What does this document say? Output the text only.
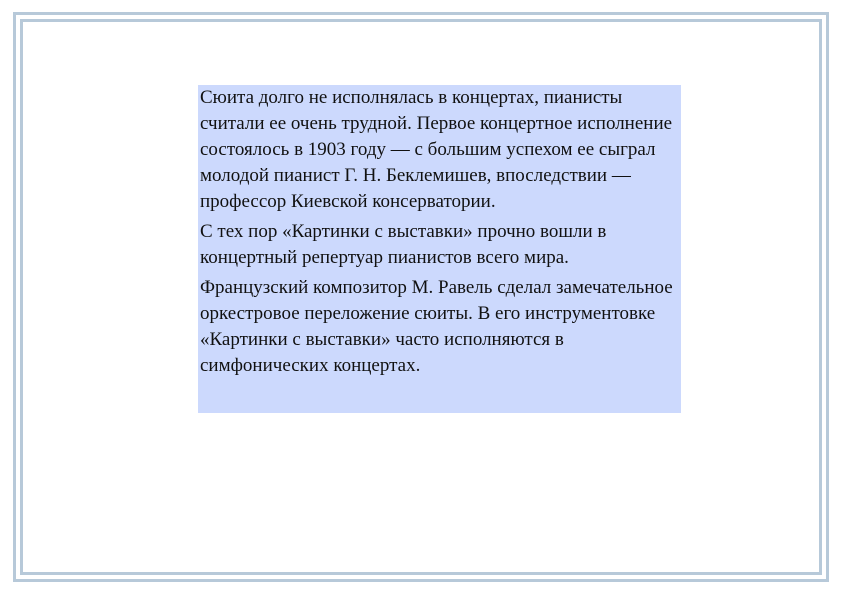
Сюита долго не исполнялась в концертах, пианисты считали ее очень трудной. Первое концертное исполнение состоялось в 1903 году — с большим успехом ее сыграл молодой пианист Г. Н. Беклемишев, впоследствии — профессор Киевской консерватории.

С тех пор «Картинки с выставки» прочно вошли в концертный репертуар пианистов всего мира.

Французский композитор М. Равель сделал замечательное оркестровое переложение сюиты. В его инструментовке «Картинки с выставки» часто исполняются в симфонических концертах.
